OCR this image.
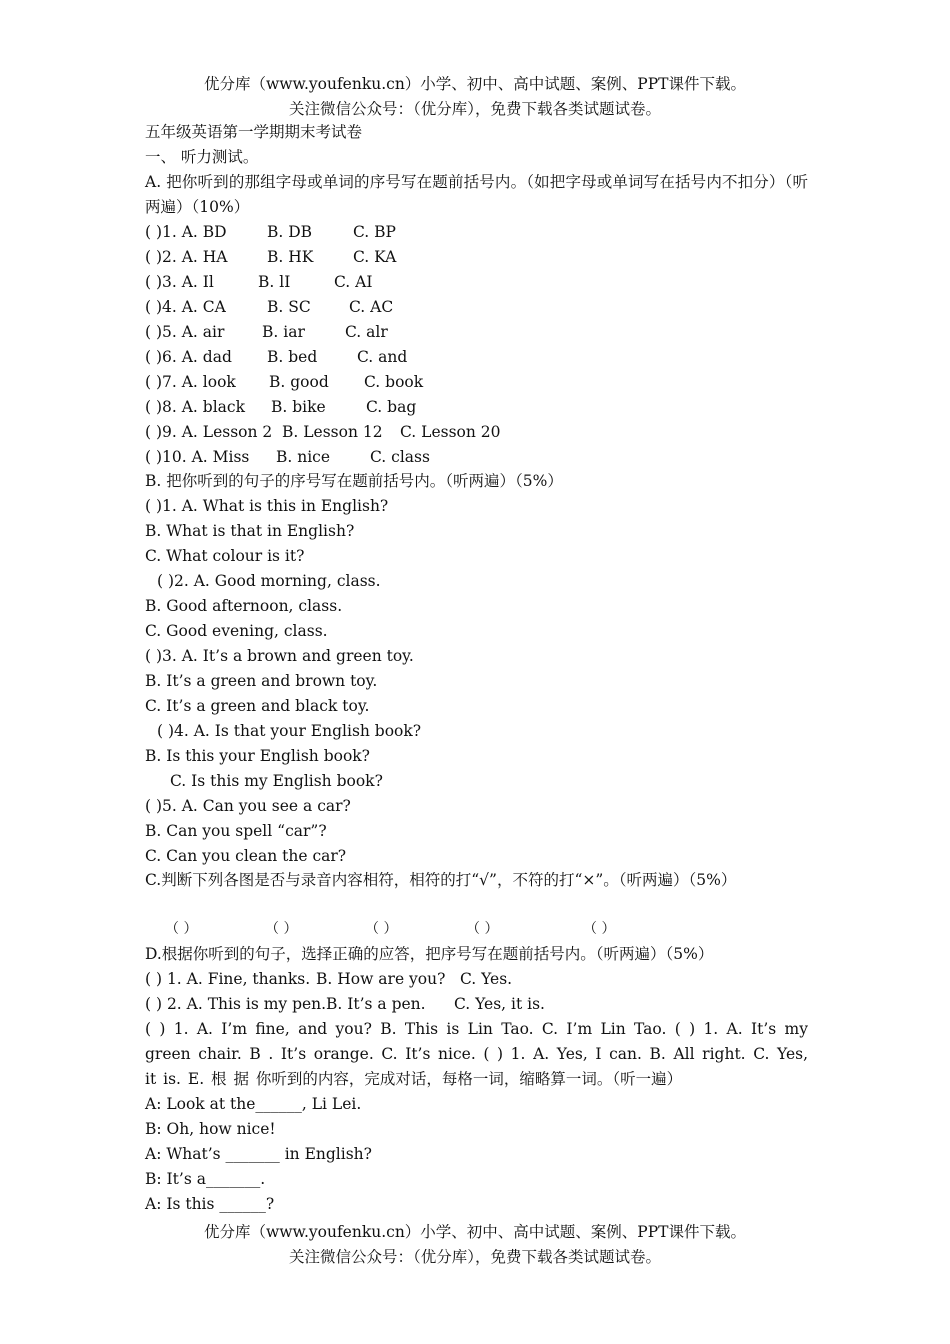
优分库（www.youfenku.cn）小学、初中、高中试题、案例、PPT课件下载。
关注微信公众号：（优分库），免费下载各类试题试卷。
五年级英语第一学期期末考试卷
一、 听力测试。
A. 把你听到的那组字母或单词的序号写在题前括号内。（如把字母或单词写在括号内不扣分）（听两遍）（10%）
( )1. A. BD	B. DB	C. BP
( )2. A. HA	B. HK	C. KA
( )3. A. Il	B. lI	C. AI
( )4. A. CA	B. SC C. AC
( )5. A. air B. iar	C. alr
( )6. A. dad B. bed	C. and
( )7. A. look B. good C. book
( )8. A. black B. bike	C. bag
( )9. A. Lesson 2 B. Lesson 12 C. Lesson 20
( )10. A. Miss B. nice	C. class
B. 把你听到的句子的序号写在题前括号内。（听两遍）（5%）
( )1. A. What is this in English?
B. What is that in English?
C. What colour is it?
( )2. A. Good morning, class.
B. Good afternoon, class.
C. Good evening, class.
( )3. A. It’s a brown and green toy.
B. It’s a green and brown toy.
C. It’s a green and black toy.
( )4. A. Is that your English book?
B. Is this your English book?
C. Is this my English book?
( )5. A. Can you see a car?
B. Can you spell “car”?
C. Can you clean the car?
C.判断下列各图是否与录音内容相符，相符的打“√”，不符的打“×”。（听两遍）（5%）
（ ）	（ ）	（ ）	（ ）	（ ）
D.根据你听到的句子，选择正确的应答，把序号写在题前括号内。（听两遍）（5%）
( ) 1. A. Fine, thanks. B. How are you? C. Yes.
( ) 2. A. This is my pen.B. It’s a pen. C. Yes, it is.
( ) 1. A. I’m fine, and you? B. This is Lin Tao. C. I’m Lin Tao. ( ) 1. A. It’s my green chair. B . It’s orange. C. It’s nice. ( ) 1. A. Yes, I can. B. All right. C. Yes, it is. E. 根 据 你听到的内容，完成对话，每格一词，缩略算一词。（听一遍）
A: Look at the______, Li Lei.
B: Oh, how nice!
A: What’s _______ in English?
B: It’s a_______.
A: Is this ______?
优分库（www.youfenku.cn）小学、初中、高中试题、案例、PPT课件下载。
关注微信公众号：（优分库），免费下载各类试题试卷。
